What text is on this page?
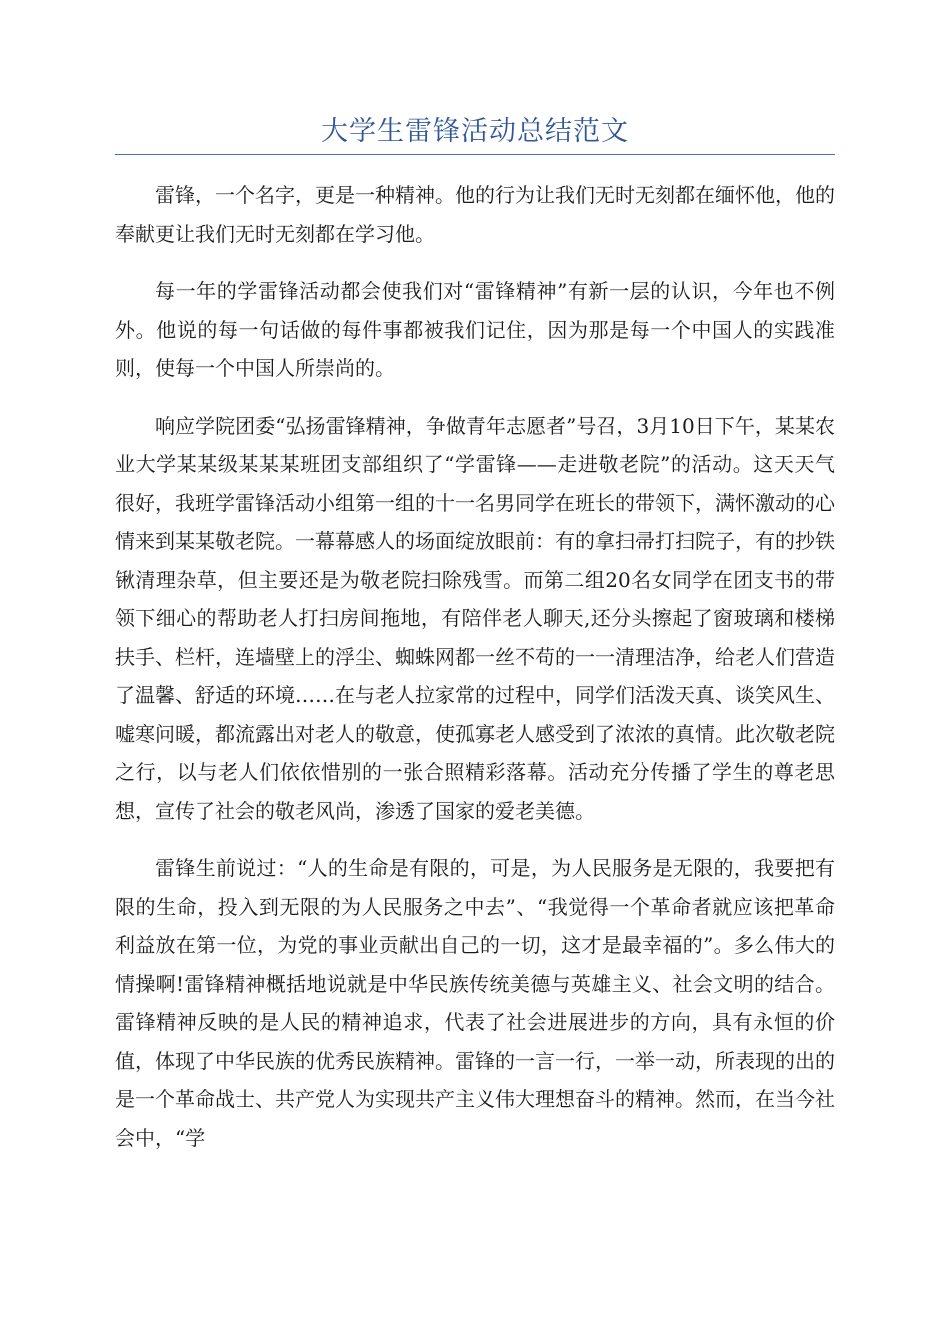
大学生雷锋活动总结范文

雷锋，一个名字，更是一种精神。他的行为让我们无时无刻都在缅怀他，他的奉献更让我们无时无刻都在学习他。

每一年的学雷锋活动都会使我们对“雷锋精神”有新一层的认识，今年也不例外。他说的每一句话做的每件事都被我们记住，因为那是每一个中国人的实践准则，使每一个中国人所崇尚的。

响应学院团委“弘扬雷锋精神，争做青年志愿者”号召，3月10日下午，某某农业大学某某级某某某班团支部组织了“学雷锋——走进敬老院”的活动。这天天气很好，我班学雷锋活动小组第一组的十一名男同学在班长的带领下，满怀激动的心情来到某某敬老院。一幕幕感人的场面绽放眼前：有的拿扫帚打扫院子，有的抄铁锹清理杂草，但主要还是为敬老院扫除残雪。而第二组20名女同学在团支书的带领下细心的帮助老人打扫房间拖地，有陪伴老人聊天,还分头擦起了窗玻璃和楼梯扶手、栏杆，连墙壁上的浮尘、蜘蛛网都一丝不苟的一一清理洁净，给老人们营造了温馨、舒适的环境……在与老人拉家常的过程中，同学们活泼天真、谈笑风生、嘘寒问暖，都流露出对老人的敬意，使孤寡老人感受到了浓浓的真情。此次敬老院之行，以与老人们依依惜别的一张合照精彩落幕。活动充分传播了学生的尊老思想，宣传了社会的敬老风尚，渗透了国家的爱老美德。

雷锋生前说过：“人的生命是有限的，可是，为人民服务是无限的，我要把有限的生命，投入到无限的为人民服务之中去”、“我觉得一个革命者就应该把革命利益放在第一位，为党的事业贡献出自己的一切，这才是最幸福的”。多么伟大的情操啊!雷锋精神概括地说就是中华民族传统美德与英雄主义、社会文明的结合。雷锋精神反映的是人民的精神追求，代表了社会进展进步的方向，具有永恒的价值，体现了中华民族的优秀民族精神。雷锋的一言一行，一举一动，所表现的出的是一个革命战士、共产党人为实现共产主义伟大理想奋斗的精神。然而，在当今社会中，“学
